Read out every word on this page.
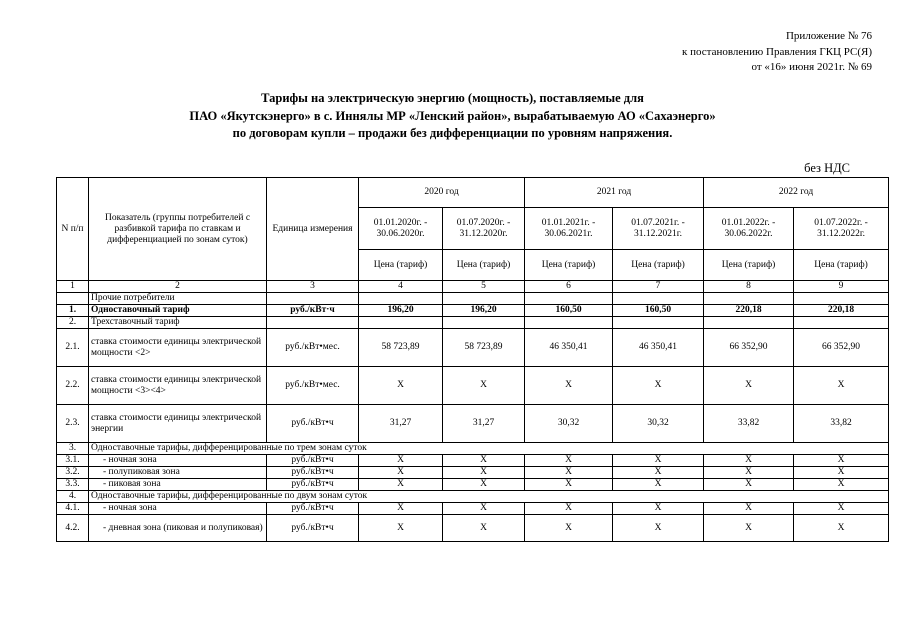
Приложение № 76
к постановлению Правления ГКЦ РС(Я)
от «16» июня 2021г. № 69
Тарифы на электрическую энергию (мощность), поставляемые для
ПАО «Якутскэнерго» в с. Иннялы МР «Ленский район», вырабатываемую АО «Сахаэнерго»
по договорам купли – продажи без дифференциации по уровням напряжения.
без НДС
N п/п	Показатель (группы потребителей с разбивкой тарифа по ставкам и дифференциацией по зонам суток)	Единица измерения	2020 год		2021 год		2022 год	
			01.01.2020г. - 30.06.2020г.	01.07.2020г. - 31.12.2020г.	01.01.2021г. - 30.06.2021г.	01.07.2021г. - 31.12.2021г.	01.01.2022г. - 30.06.2022г.	01.07.2022г. - 31.12.2022г.
			Цена (тариф)	Цена (тариф)	Цена (тариф)	Цена (тариф)	Цена (тариф)	Цена (тариф)
1	2	3	4	5	6	7	8	9
	Прочие потребители							
1.	Одноставочный тариф	руб./кВт·ч	196,20	196,20	160,50	160,50	220,18	220,18
2.	Трехставочный тариф							
2.1.	ставка стоимости единицы электрической мощности <2>	руб./кВт•мес.	58 723,89	58 723,89	46 350,41	46 350,41	66 352,90	66 352,90
2.2.	ставка стоимости единицы электрической мощности <3><4>	руб./кВт•мес.	X	X	X	X	X	X
2.3.	ставка стоимости единицы электрической энергии	руб./кВт•ч	31,27	31,27	30,32	30,32	33,82	33,82
3.	Одноставочные тарифы, дифференцированные по трем зонам суток							
3.1.	- ночная зона	руб./кВт•ч	X	X	X	X	X	X
3.2.	- полупиковая зона	руб./кВт•ч	X	X	X	X	X	X
3.3.	- пиковая зона	руб./кВт•ч	X	X	X	X	X	X
4.	Одноставочные тарифы, дифференцированные по двум зонам суток							
4.1.	- ночная зона	руб./кВт•ч	X	X	X	X	X	X
4.2.	- дневная зона (пиковая и полупиковая)	руб./кВт•ч	X	X	X	X	X	X
